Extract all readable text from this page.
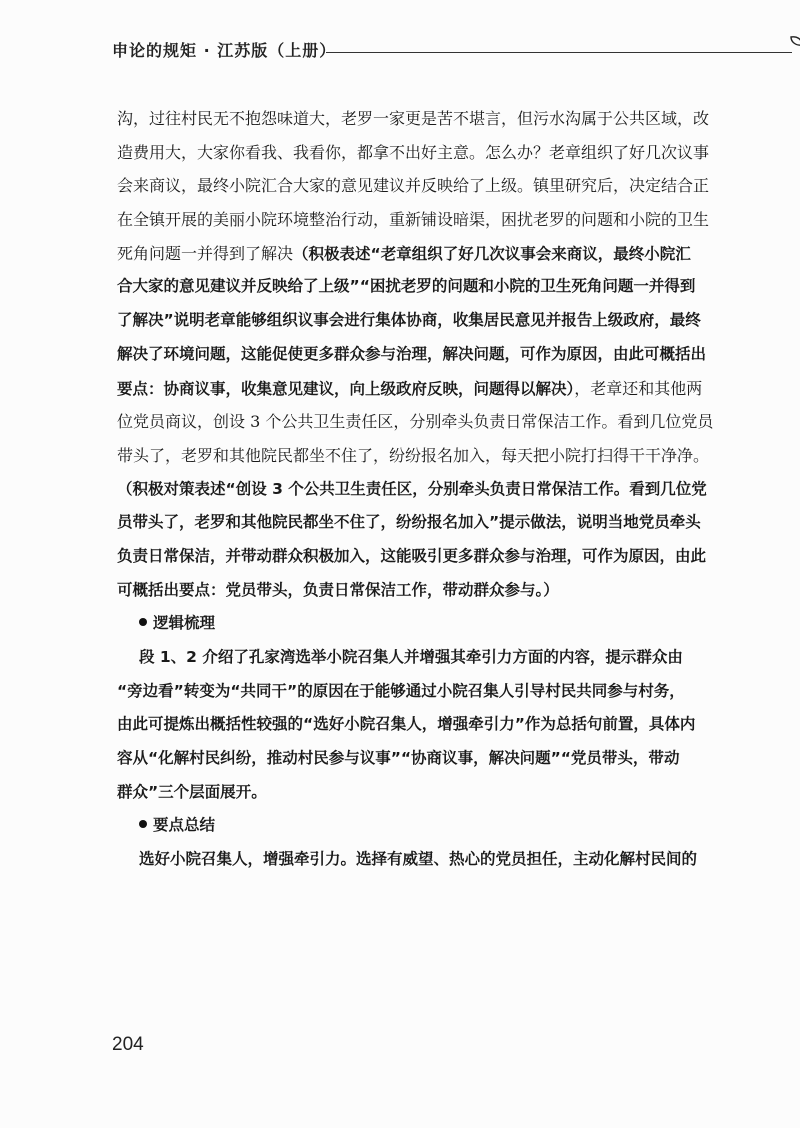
申论的规矩 · 江苏版（上册）
沟，过往村民无不抱怨味道大，老罗一家更是苦不堪言，但污水沟属于公共区域，改
造费用大，大家你看我、我看你，都拿不出好主意。怎么办？老章组织了好几次议事
会来商议，最终小院汇合大家的意见建议并反映给了上级。镇里研究后，决定结合正
在全镇开展的美丽小院环境整治行动，重新铺设暗渠，困扰老罗的问题和小院的卫生
死角问题一并得到了解决（积极表述“老章组织了好几次议事会来商议，最终小院汇
合大家的意见建议并反映给了上级”“困扰老罗的问题和小院的卫生死角问题一并得到
了解决”说明老章能够组织议事会进行集体协商，收集居民意见并报告上级政府，最终
解决了环境问题，这能促使更多群众参与治理，解决问题，可作为原因，由此可概括出
要点：协商议事，收集意见建议，向上级政府反映，问题得以解决），老章还和其他两
位党员商议，创设 3 个公共卫生责任区，分别牵头负责日常保洁工作。看到几位党员
带头了，老罗和其他院民都坐不住了，纷纷报名加入，每天把小院打扫得干干净净。
（积极对策表述“创设 3 个公共卫生责任区，分别牵头负责日常保洁工作。看到几位党
员带头了，老罗和其他院民都坐不住了，纷纷报名加入”提示做法，说明当地党员牵头
负责日常保洁，并带动群众积极加入，这能吸引更多群众参与治理，可作为原因，由此
可概括出要点：党员带头，负责日常保洁工作，带动群众参与。）
逻辑梳理
段 1、2 介绍了孔家湾选举小院召集人并增强其牵引力方面的内容，提示群众由
“旁边看”转变为“共同干”的原因在于能够通过小院召集人引导村民共同参与村务，
由此可提炼出概括性较强的“选好小院召集人，增强牵引力”作为总括句前置，具体内
容从“化解村民纠纷，推动村民参与议事”“协商议事，解决问题”“党员带头，带动
群众”三个层面展开。
要点总结
选好小院召集人，增强牵引力。选择有威望、热心的党员担任，主动化解村民间的
204
